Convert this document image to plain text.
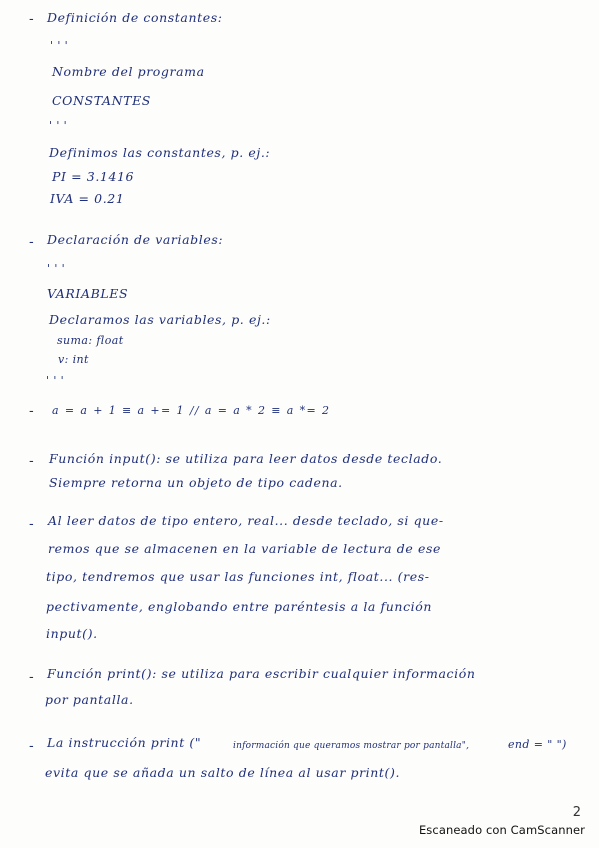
- Definición de constantes:
' ' '
Nombre del programa
CONSTANTES
' ' '
Definimos las constantes, p. ej.:
PI = 3.1416
IVA = 0.21
- Declaración de variables:
' ' '
VARIABLES
Declaramos las variables, p. ej.:
suma: float
v: int
' ' '
- a = a + 1 ≡ a += 1 // a = a * 2 ≡ a *= 2
- Función input(): se utiliza para leer datos desde teclado.
Siempre retorna un objeto de tipo cadena.
- Al leer datos de tipo entero, real... desde teclado, si que-
remos que se almacenen en la variable de lectura de ese
tipo, tendremos que usar las funciones int, float... (res-
pectivamente, englobando entre paréntesis a la función
input().
- Función print(): se utiliza para escribir cualquier información
por pantalla.
- La instrucción print ("	información que queramos mostrar por pantalla",	end = " ")
evita que se añada un salto de línea al usar print().
2
Escaneado con CamScanner
